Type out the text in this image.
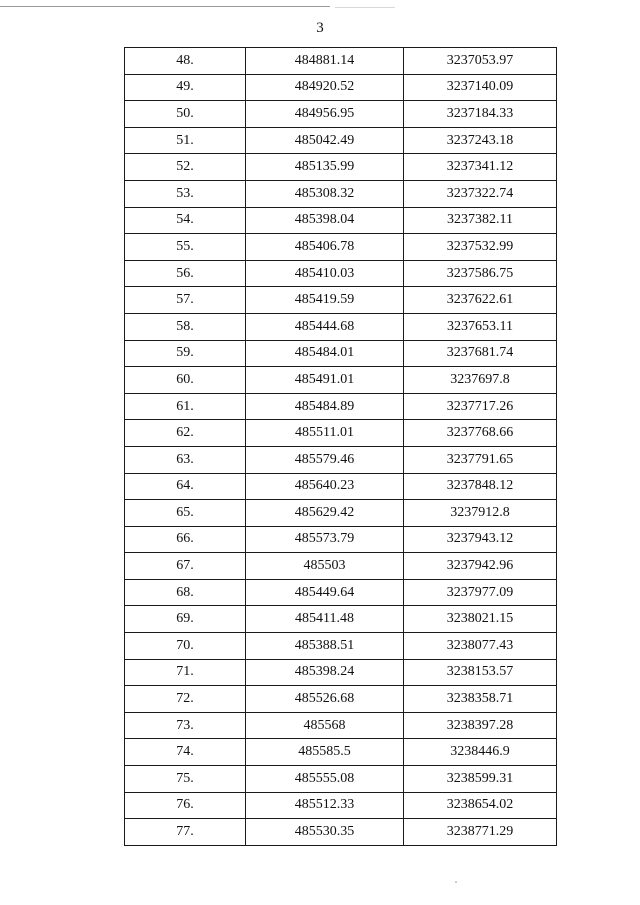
3
48.	484881.14	3237053.97
49.	484920.52	3237140.09
50.	484956.95	3237184.33
51.	485042.49	3237243.18
52.	485135.99	3237341.12
53.	485308.32	3237322.74
54.	485398.04	3237382.11
55.	485406.78	3237532.99
56.	485410.03	3237586.75
57.	485419.59	3237622.61
58.	485444.68	3237653.11
59.	485484.01	3237681.74
60.	485491.01	3237697.8
61.	485484.89	3237717.26
62.	485511.01	3237768.66
63.	485579.46	3237791.65
64.	485640.23	3237848.12
65.	485629.42	3237912.8
66.	485573.79	3237943.12
67.	485503	3237942.96
68.	485449.64	3237977.09
69.	485411.48	3238021.15
70.	485388.51	3238077.43
71.	485398.24	3238153.57
72.	485526.68	3238358.71
73.	485568	3238397.28
74.	485585.5	3238446.9
75.	485555.08	3238599.31
76.	485512.33	3238654.02
77.	485530.35	3238771.29
